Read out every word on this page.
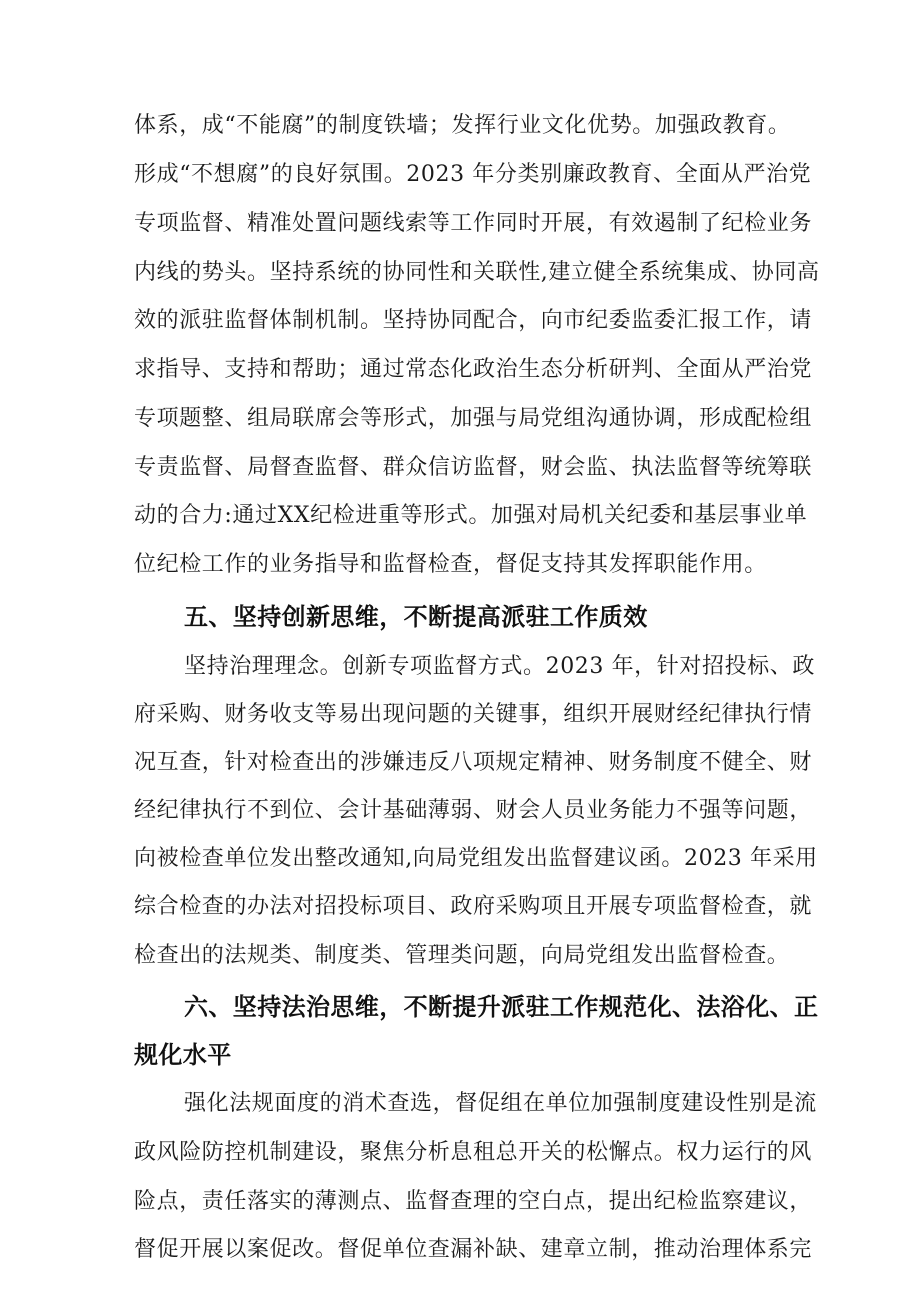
体系，成“不能腐”的制度铁墙；发挥行业文化优势。加强政教育。
形成“不想腐”的良好氛围。2023 年分类别廉政教育、全面从严治党
专项监督、精准处置问题线索等工作同时开展，有效遏制了纪检业务
内线的势头。坚持系统的协同性和关联性,建立健全系统集成、协同高
效的派驻监督体制机制。坚持协同配合，向市纪委监委汇报工作，请
求指导、支持和帮助；通过常态化政治生态分析研判、全面从严治党
专项题整、组局联席会等形式，加强与局党组沟通协调，形成配检组
专责监督、局督查监督、群众信访监督，财会监、执法监督等统筹联
动的合力:通过XX纪检进重等形式。加强对局机关纪委和基层事业单
位纪检工作的业务指导和监督检查，督促支持其发挥职能作用。
五、坚持创新思维，不断提高派驻工作质效
坚持治理理念。创新专项监督方式。2023 年，针对招投标、政
府采购、财务收支等易出现问题的关键事，组织开展财经纪律执行情
况互查，针对检查出的涉嫌违反八项规定精神、财务制度不健全、财
经纪律执行不到位、会计基础薄弱、财会人员业务能力不强等问题，
向被检查单位发出整改通知,向局党组发出监督建议函。2023 年采用
综合检查的办法对招投标项目、政府采购项且开展专项监督检查，就
检查出的法规类、制度类、管理类问题，向局党组发出监督检查。
六、坚持法治思维，不断提升派驻工作规范化、法浴化、正
规化水平
强化法规面度的消术查选，督促组在单位加强制度建设性别是流
政风险防控机制建设，聚焦分析息租总开关的松懈点。权力运行的风
险点，责任落实的薄测点、监督查理的空白点，提出纪检监察建议，
督促开展以案促改。督促单位查漏补缺、建章立制，推动治理体系完
